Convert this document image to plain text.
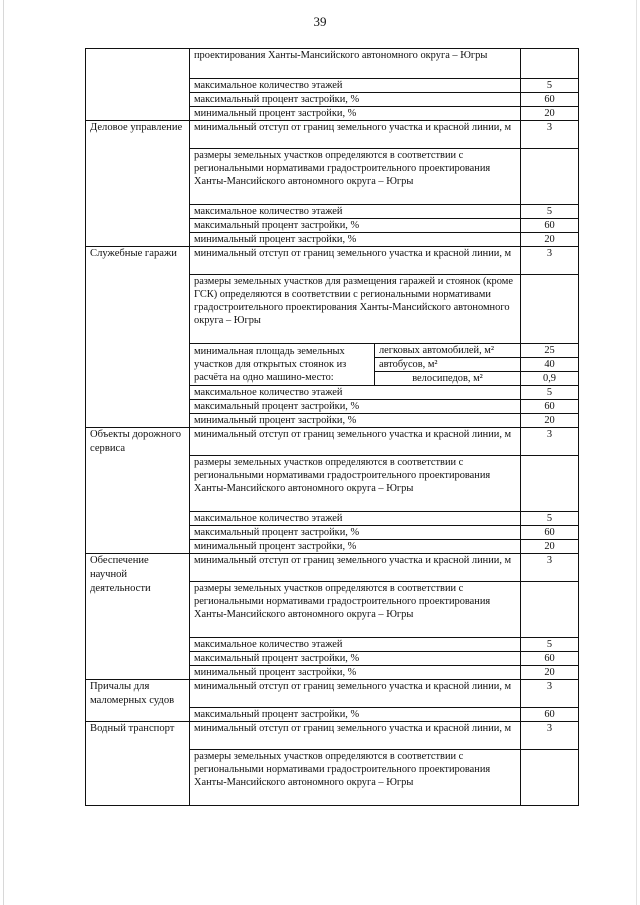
39
	проектирования Ханты-Мансийского автономного округа – Югры		
	максимальное количество этажей		5
	максимальный процент застройки, %		60
	минимальный процент застройки, %		20
Деловое управление	минимальный отступ от границ земельного участка и красной линии, м		3
	размеры земельных участков определяются в соответствии с региональными нормативами градостроительного проектирования Ханты-Мансийского автономного округа – Югры		
	максимальное количество этажей		5
	максимальный процент застройки, %		60
	минимальный процент застройки, %		20
Служебные гаражи	минимальный отступ от границ земельного участка и красной линии, м		3
	размеры земельных участков для размещения гаражей и стоянок (кроме ГСК) определяются в соответствии с региональными нормативами градостроительного проектирования Ханты-Мансийского автономного округа – Югры		
	минимальная площадь земельных участков для открытых стоянок из расчёта на одно машино-место:	легковых автомобилей, м²	25
		автобусов, м²	40
		велосипедов, м²	0,9
	максимальное количество этажей		5
	максимальный процент застройки, %		60
	минимальный процент застройки, %		20
Объекты дорожного сервиса	минимальный отступ от границ земельного участка и красной линии, м		3
	размеры земельных участков определяются в соответствии с региональными нормативами градостроительного проектирования Ханты-Мансийского автономного округа – Югры		
	максимальное количество этажей		5
	максимальный процент застройки, %		60
	минимальный процент застройки, %		20
Обеспечение научной деятельности	минимальный отступ от границ земельного участка и красной линии, м		3
	размеры земельных участков определяются в соответствии с региональными нормативами градостроительного проектирования Ханты-Мансийского автономного округа – Югры		
	максимальное количество этажей		5
	максимальный процент застройки, %		60
	минимальный процент застройки, %		20
Причалы для маломерных судов	минимальный отступ от границ земельного участка и красной линии, м		3
	максимальный процент застройки, %		60
Водный транспорт	минимальный отступ от границ земельного участка и красной линии, м		3
	размеры земельных участков определяются в соответствии с региональными нормативами градостроительного проектирования Ханты-Мансийского автономного округа – Югры		
